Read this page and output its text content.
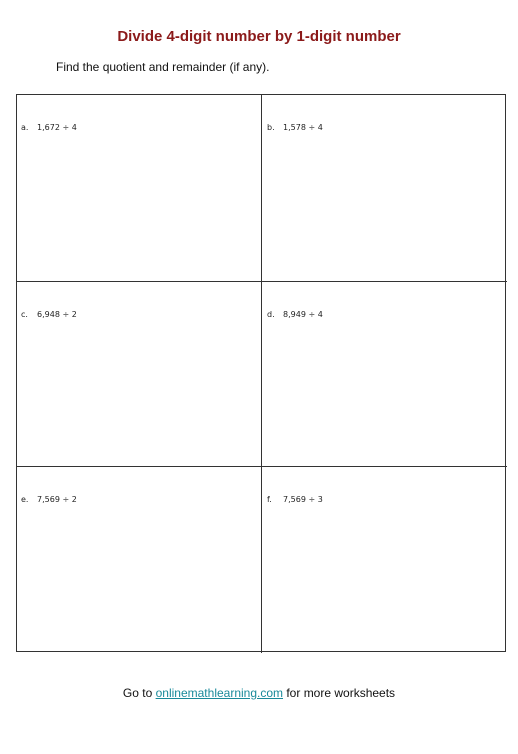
Divide 4-digit number by 1-digit number
Find the quotient and remainder (if any).
a. 1,672 ÷ 4	b. 1,578 ÷ 4
c. 6,948 ÷ 2	d. 8,949 ÷ 4
e. 7,569 ÷ 2	f. 7,569 ÷ 3
Go to onlinemathlearning.com for more worksheets
